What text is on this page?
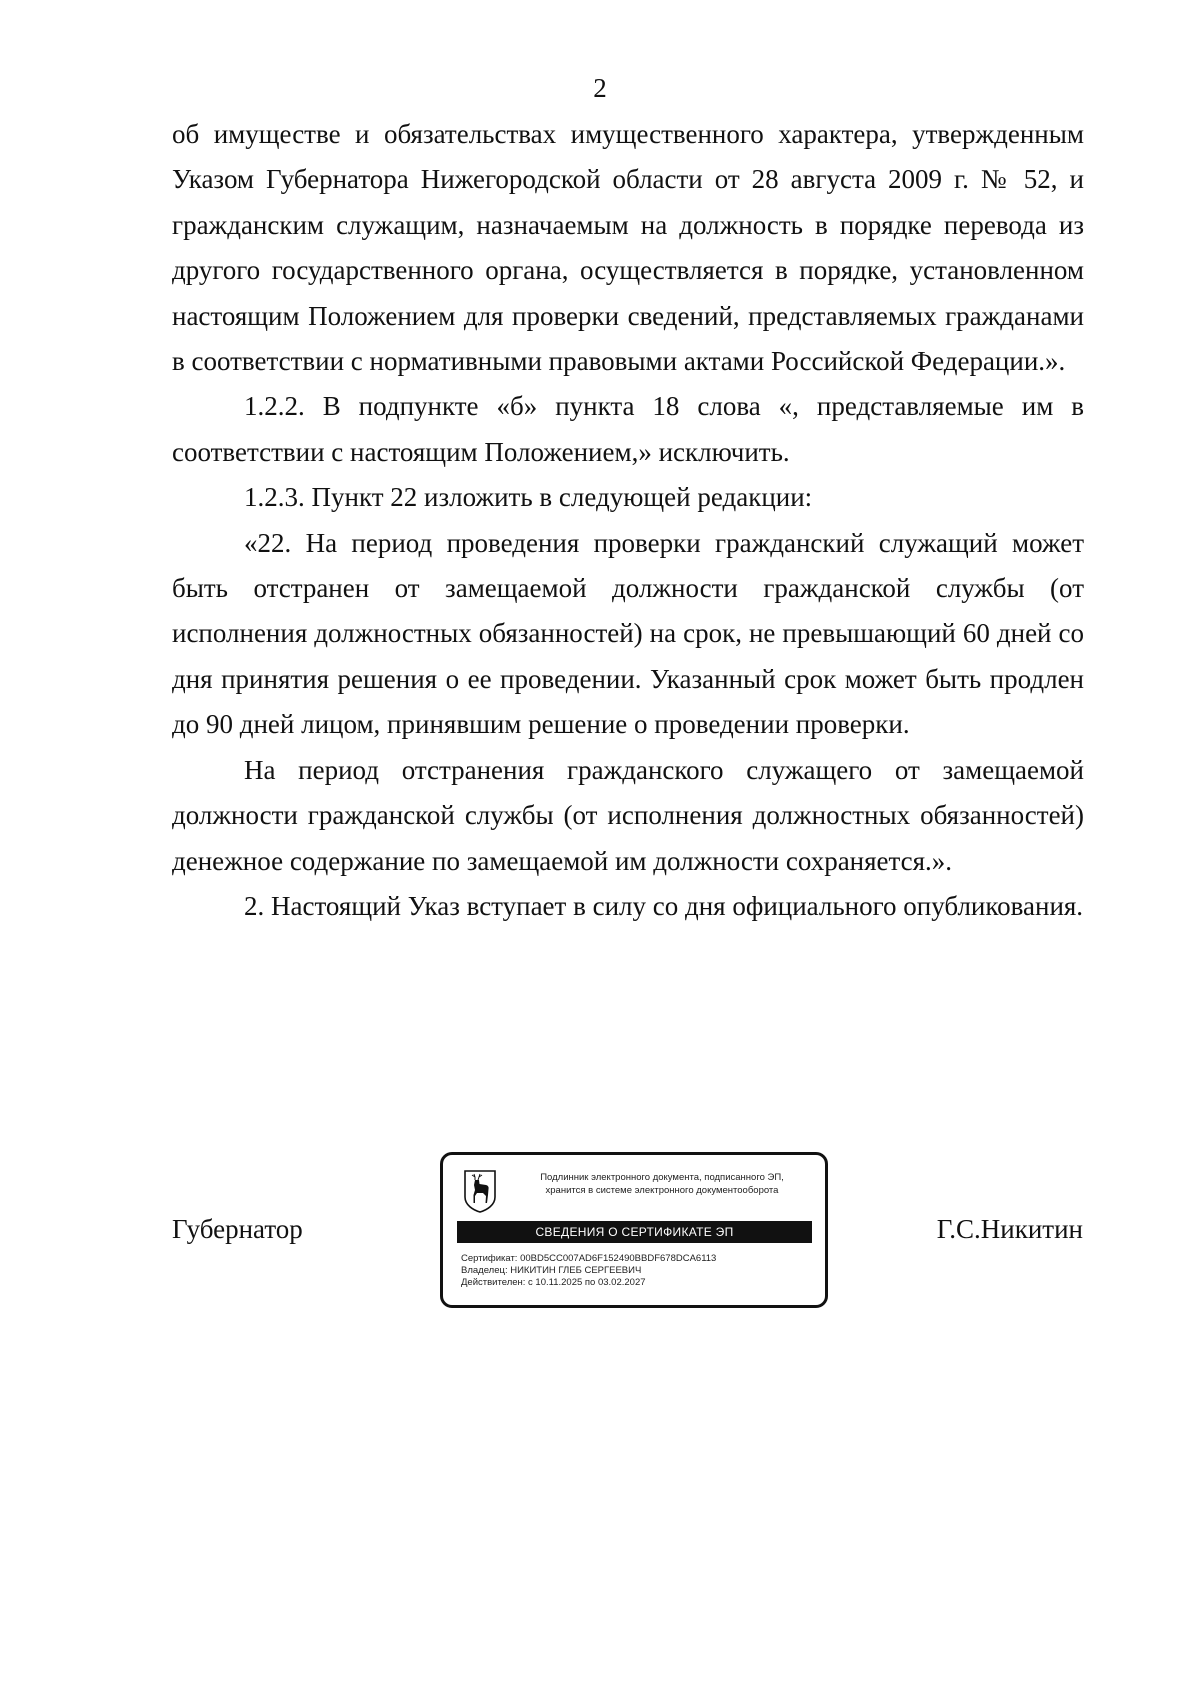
2

об имуществе и обязательствах имущественного характера, утвержденным Указом Губернатора Нижегородской области от 28 августа 2009 г. № 52, и гражданским служащим, назначаемым на должность в порядке перевода из другого государственного органа, осуществляется в порядке, установленном настоящим Положением для проверки сведений, представляемых гражданами в соответствии с нормативными правовыми актами Российской Федерации.».

1.2.2. В подпункте «б» пункта 18 слова «, представляемые им в соответствии с настоящим Положением,» исключить.

1.2.3. Пункт 22 изложить в следующей редакции:

«22. На период проведения проверки гражданский служащий может быть отстранен от замещаемой должности гражданской службы (от исполнения должностных обязанностей) на срок, не превышающий 60 дней со дня принятия решения о ее проведении. Указанный срок может быть продлен до 90 дней лицом, принявшим решение о проведении проверки.

На период отстранения гражданского служащего от замещаемой должности гражданской службы (от исполнения должностных обязанностей) денежное содержание по замещаемой им должности сохраняется.».

2. Настоящий Указ вступает в силу со дня официального опубликования.

Губернатор
Подлинник электронного документа, подписанного ЭП,
хранится в системе электронного документооборота
СВЕДЕНИЯ О СЕРТИФИКАТЕ ЭП
Сертификат: 00BD5CC007AD6F152490BBDF678DCA6113
Владелец: НИКИТИН ГЛЕБ СЕРГЕЕВИЧ
Действителен: с 10.11.2025 по 03.02.2027
Г.С.Никитин
